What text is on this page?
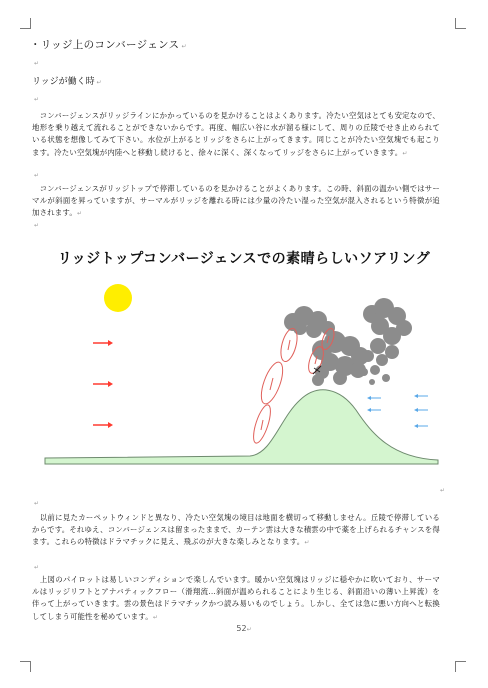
・リッジ上のコンバージェンス ↵
↵
リッジが働く時 ↵
↵
　コンバージェンスがリッジラインにかかっているのを見かけることはよくあります。冷たい空気はとても安定なので、地形を乗り越えて流れることができないからです。再度、幅広い谷に水が溜る様にして、周りの丘陵でせき止められている状態を想像してみて下さい。水位が上がるとリッジをさらに上がってきます。同じことが冷たい空気塊でも起こります。冷たい空気塊が内陸へと移動し続けると、徐々に深く、深くなってリッジをさらに上がっていきます。↵
↵
　コンバージェンスがリッジトップで停滞しているのを見かけることがよくあります。この時、斜面の温かい側ではサーマルが斜面を昇っていますが、サーマルがリッジを離れる時には少量の冷たい湿った空気が混入されるという特徴が追加されます。↵
↵
リッジトップコンバージェンスでの素晴らしいソアリング
↵
↵
　以前に見たカーペットウィンドと異なり、冷たい空気塊の境目は地面を横切って移動しません。丘陵で停滞しているからです。それゆえ、コンバージェンスは留まったままで、カーテン雲は大きな積雲の中で薬を上げられるチャンスを得ます。これらの特徴はドラマチックに見え、飛ぶのが大きな楽しみとなります。↵
↵
　上図のパイロットは易しいコンディションで楽しんでいます。暖かい空気塊はリッジに穏やかに吹いており、サーマルはリッジリフトとアナバティックフロー（滑翔流…斜面が温められることにより生じる、斜面沿いの薄い上昇流）を伴って上がっていきます。雲の景色はドラマチックかつ読み易いものでしょう。しかし、全ては急に悪い方向へと転換してしまう可能性を秘めています。↵
52↵
